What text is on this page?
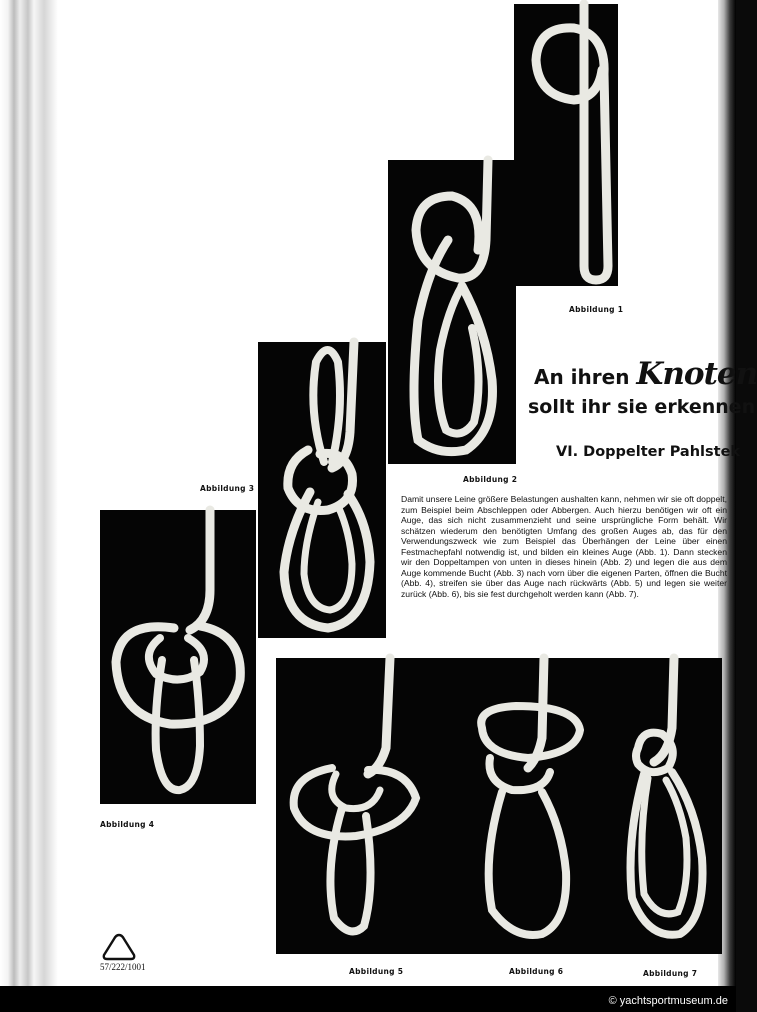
Abbildung 1
Abbildung 2
Abbildung 3
Abbildung 4
Abbildung 5	Abbildung 6	Abbildung 7
An ihren Knoten
sollt ihr sie erkennen
VI. Doppelter Pahlstek
Damit unsere Leine größere Belastungen aushalten kann, nehmen wir sie oft doppelt, zum Beispiel beim Abschleppen oder Abbergen. Auch hierzu benötigen wir oft ein Auge, das sich nicht zusammenzieht und seine ursprüngliche Form behält. Wir schätzen wiederum den benötigten Umfang des großen Auges ab, das für den Verwendungszweck wie zum Beispiel das Überhängen der Leine über einen Festmachepfahl notwendig ist, und bilden ein kleines Auge (Abb. 1). Dann stecken wir den Doppeltampen von unten in dieses hinein (Abb. 2) und legen die aus dem Auge kommende Bucht (Abb. 3) nach vorn über die eigenen Parten, öffnen die Bucht (Abb. 4), streifen sie über das Auge nach rückwärts (Abb. 5) und legen sie weiter zurück (Abb. 6), bis sie fest durchgeholt werden kann (Abb. 7).
57/222/1001
© yachtsportmuseum.de
